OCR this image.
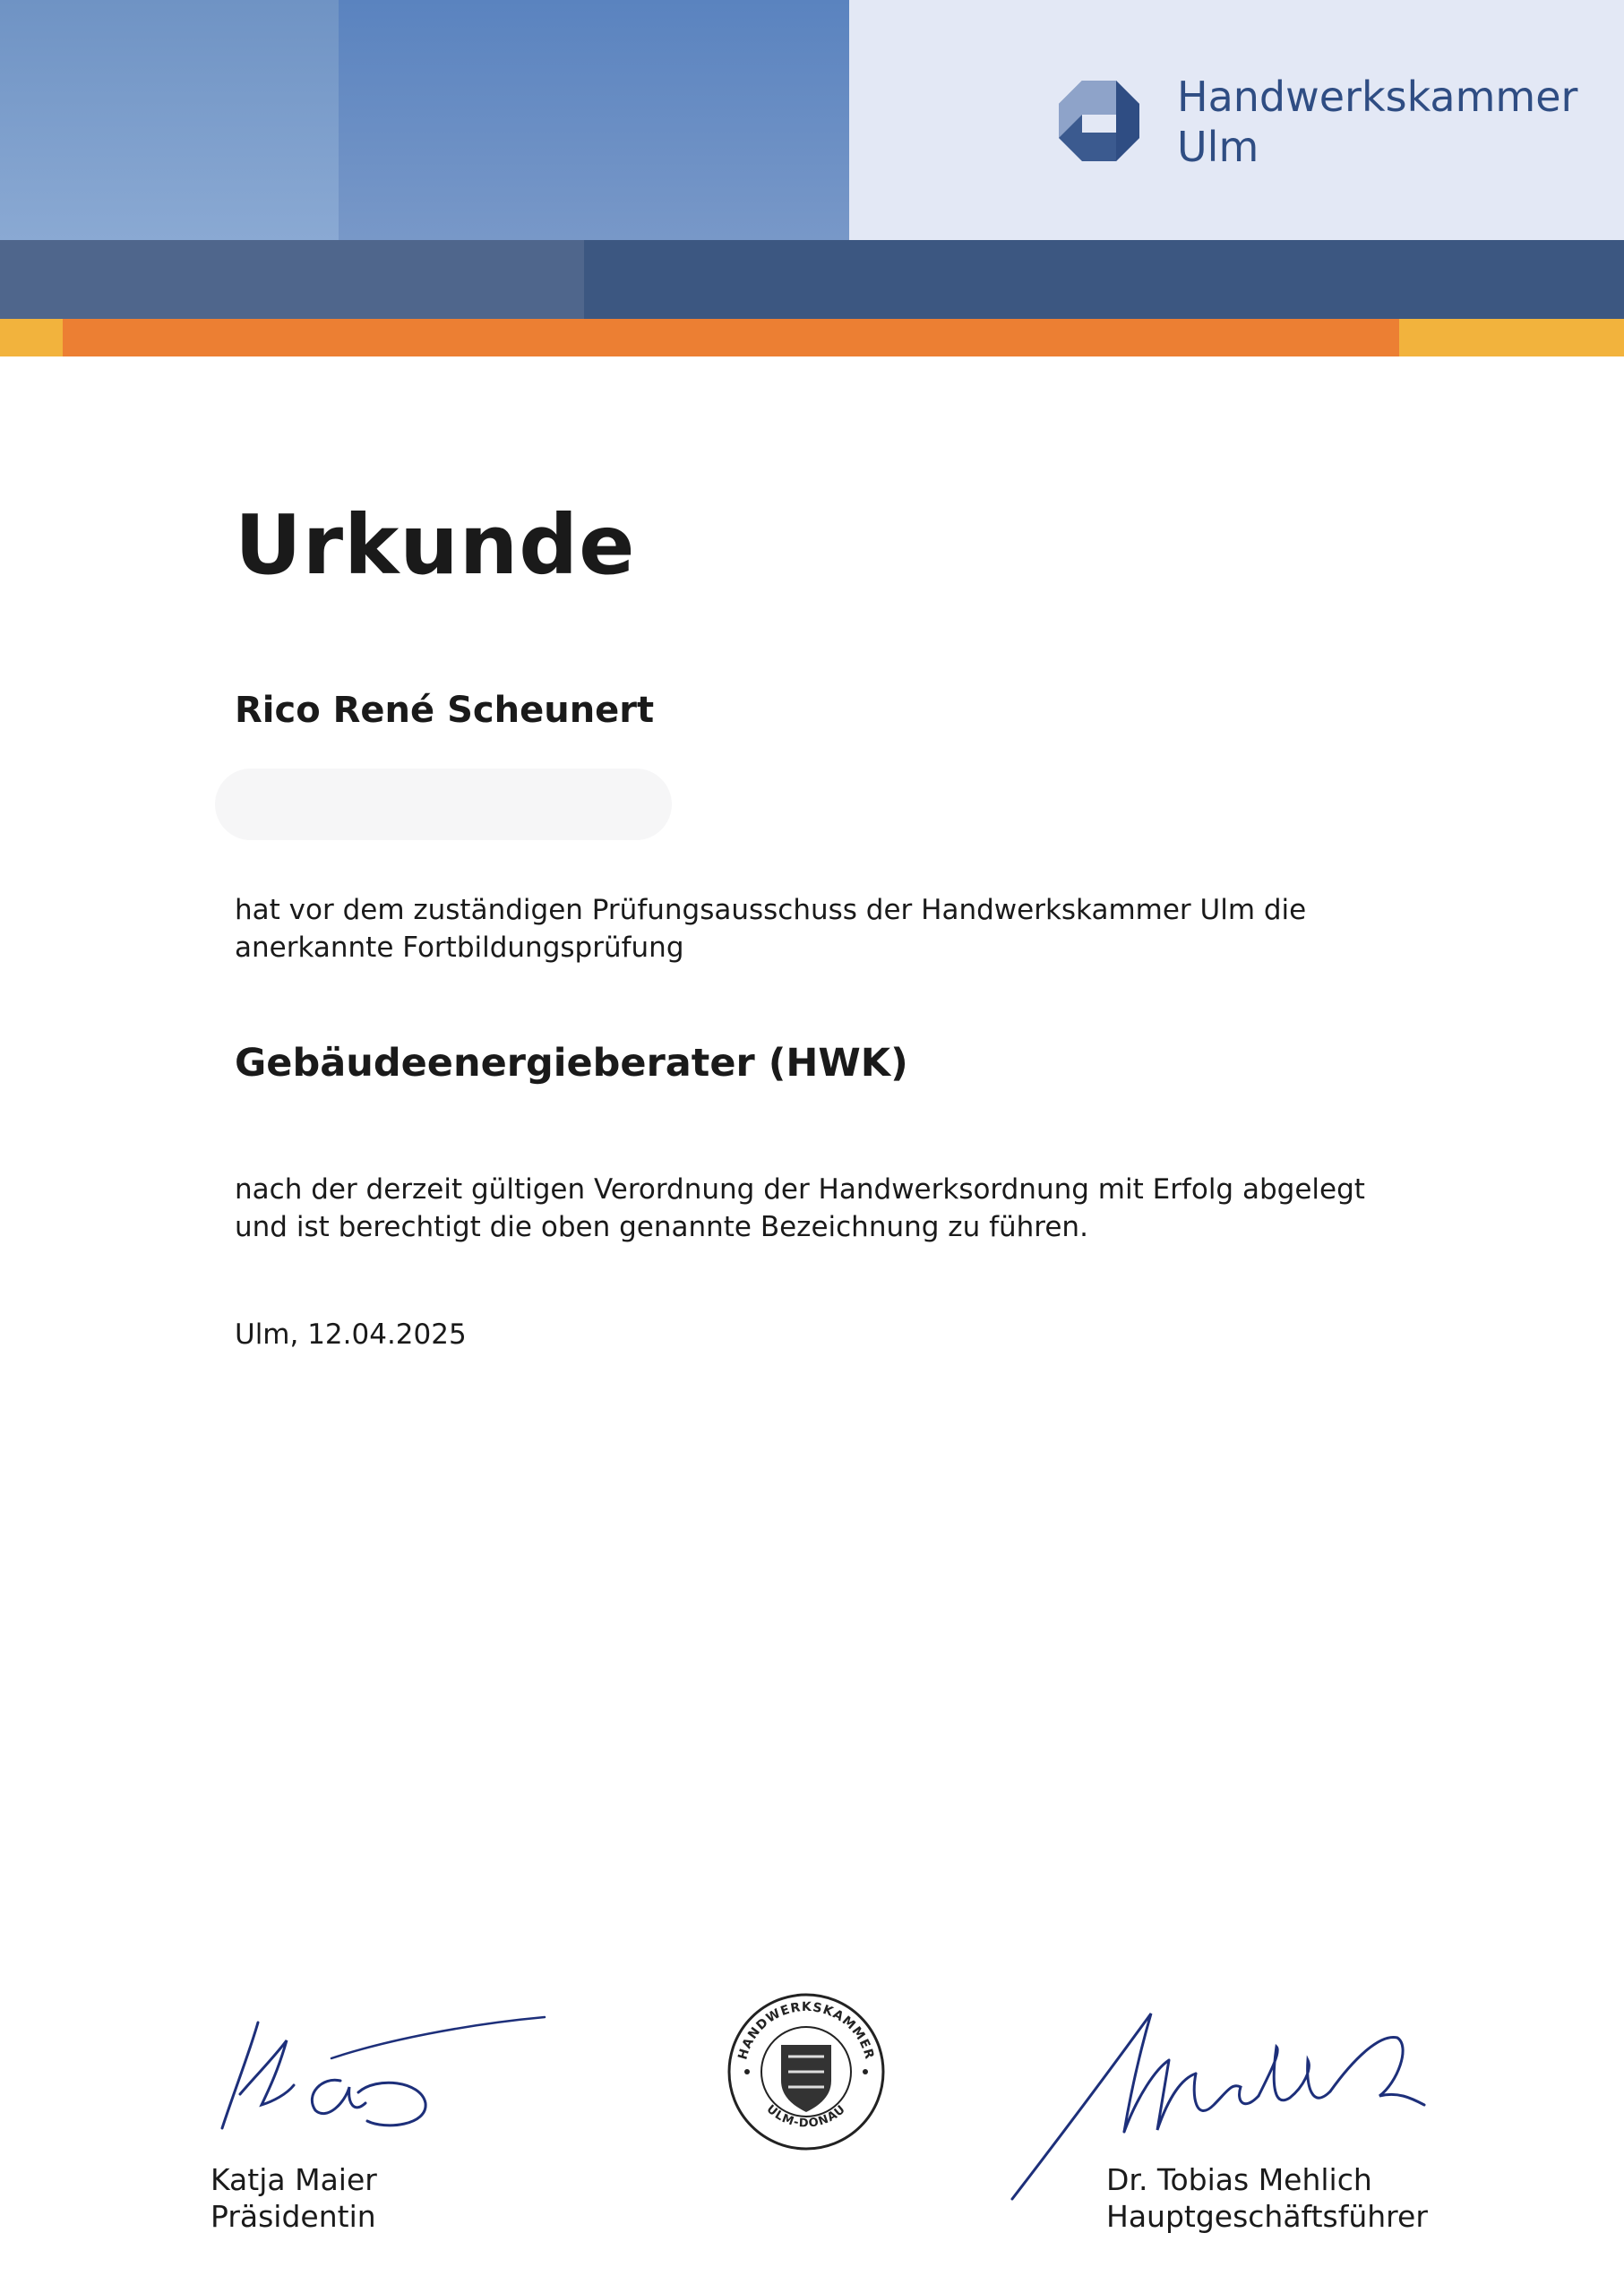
Handwerkskammer
Ulm
Urkunde
Rico René Scheunert
hat vor dem zuständigen Prüfungsausschuss der Handwerkskammer Ulm die anerkannte Fortbildungsprüfung
Gebäudeenergieberater (HWK)
nach der derzeit gültigen Verordnung der Handwerksordnung mit Erfolg abgelegt und ist berechtigt die oben genannte Bezeichnung zu führen.
Ulm, 12.04.2025
HANDWERKSKAMMER
ULM-DONAU
Katja Maier
Präsidentin
Dr. Tobias Mehlich
Hauptgeschäftsführer
